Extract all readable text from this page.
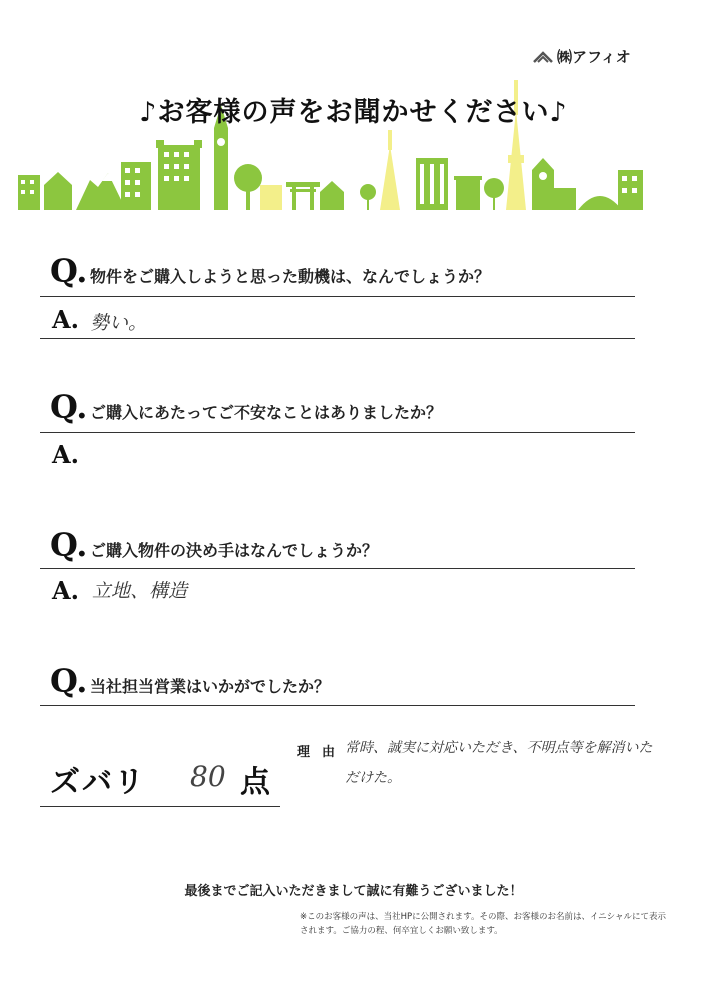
㈱アフィオ
♪お客様の声をお聞かせください♪
Q. 物件をご購入しようと思った動機は、なんでしょうか？
A. 勢い。
Q. ご購入にあたってご不安なことはありましたか？
A.
Q. ご購入物件の決め手はなんでしょうか？
A. 立地、構造
Q. 当社担当営業はいかがでしたか？
ズバリ 80 点
理由
常時、誠実に対応いただき、不明点等を解消いただけた。
最後までご記入いただきまして誠に有難うございました！
※このお客様の声は、当社HPに公開されます。その際、お客様のお名前は、イニシャルにて表示されます。ご協力の程、何卒宜しくお願い致します。
